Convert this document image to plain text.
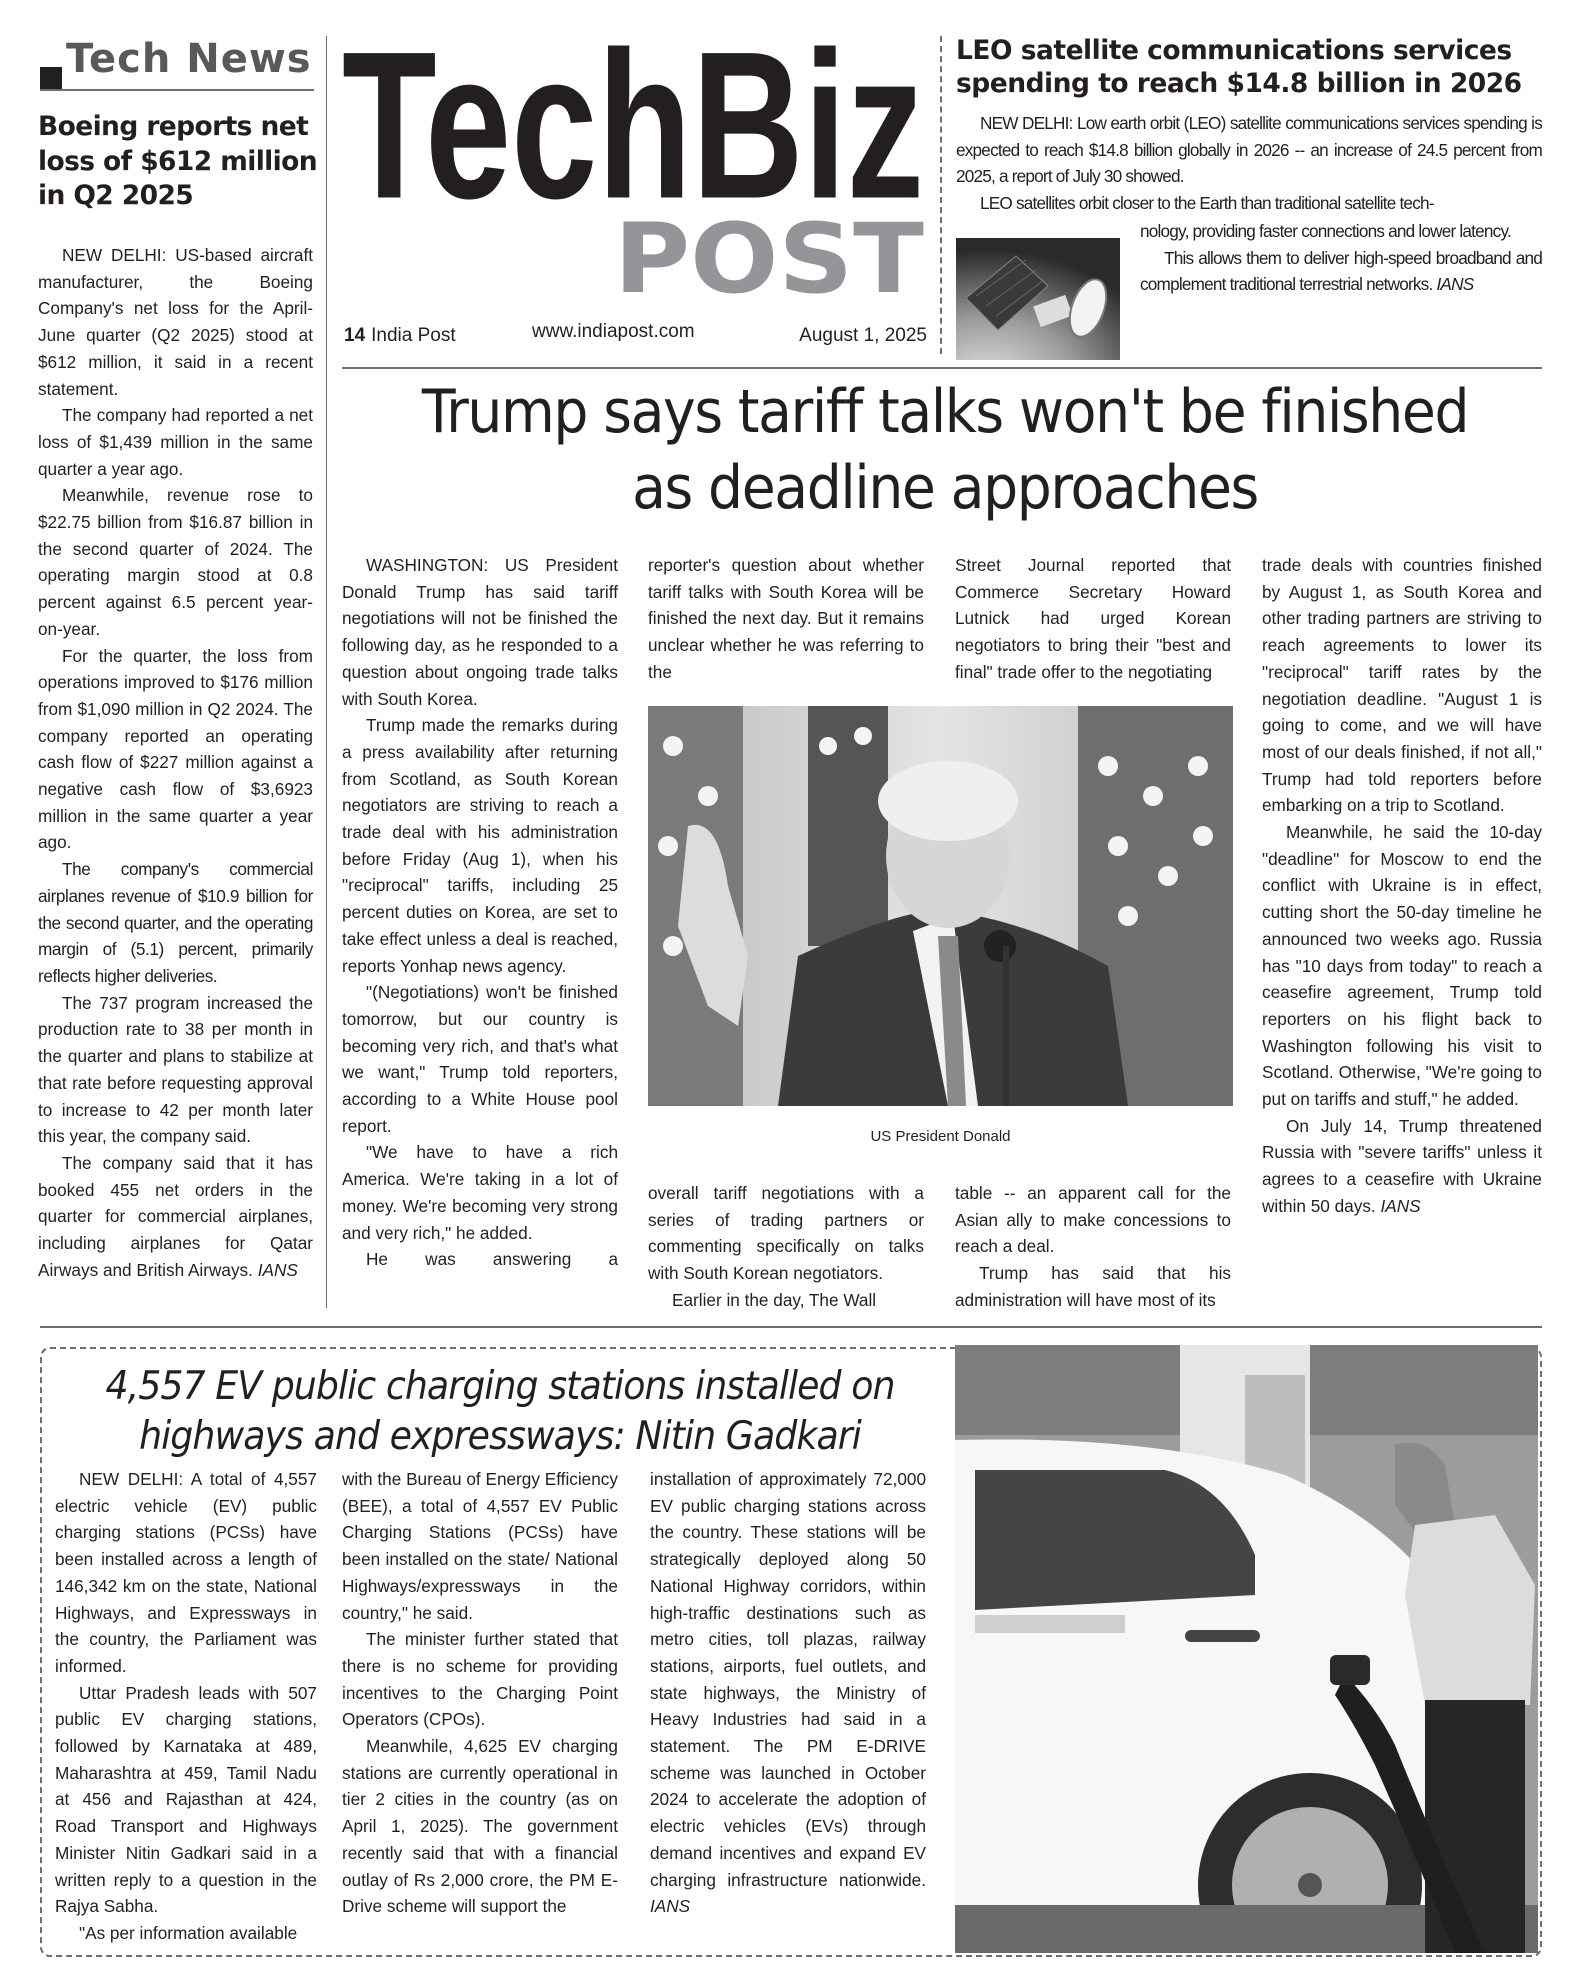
Tech News
Boeing reports net loss of $612 million in Q2 2025

NEW DELHI: US-based aircraft manufacturer, the Boeing Company's net loss for the April-June quarter (Q2 2025) stood at $612 million, it said in a recent statement.

The company had reported a net loss of $1,439 million in the same quarter a year ago.

Meanwhile, revenue rose to $22.75 billion from $16.87 billion in the second quarter of 2024. The operating margin stood at 0.8 percent against 6.5 percent year-on-year.

For the quarter, the loss from operations improved to $176 million from $1,090 million in Q2 2024. The company reported an operating cash flow of $227 million against a negative cash flow of $3,6923 million in the same quarter a year ago.

The company's commercial airplanes revenue of $10.9 billion for the second quarter, and the operating margin of (5.1) percent, primarily reflects higher deliveries.

The 737 program increased the production rate to 38 per month in the quarter and plans to stabilize at that rate before requesting approval to increase to 42 per month later this year, the company said.

The company said that it has booked 455 net orders in the quarter for commercial airplanes, including airplanes for Qatar Airways and British Airways. IANS

TechBiz
POST
14 India Post	www.indiapost.com	August 1, 2025
LEO satellite communications services spending to reach $14.8 billion in 2026

NEW DELHI: Low earth orbit (LEO) satellite communications services spending is expected to reach $14.8 billion globally in 2026 -- an increase of 24.5 percent from 2025, a report of July 30 showed.

LEO satellites orbit closer to the Earth than traditional satellite tech-

nology, providing faster connections and lower latency.

This allows them to deliver high-speed broadband and complement traditional terrestrial networks. IANS

Trump says tariff talks won't be finished
as deadline approaches

WASHINGTON: US President Donald Trump has said tariff negotiations will not be finished the following day, as he responded to a question about ongoing trade talks with South Korea.

Trump made the remarks during a press availability after returning from Scotland, as South Korean negotiators are striving to reach a trade deal with his administration before Friday (Aug 1), when his "reciprocal" tariffs, including 25 percent duties on Korea, are set to take effect unless a deal is reached, reports Yonhap news agency.

"(Negotiations) won't be finished tomorrow, but our country is becoming very rich, and that's what we want," Trump told reporters, according to a White House pool report.

"We have to have a rich America. We're taking in a lot of money. We're becoming very strong and very rich," he added.

He was answering a

reporter's question about whether tariff talks with South Korea will be finished the next day. But it remains unclear whether he was referring to the

Street Journal reported that Commerce Secretary Howard Lutnick had urged Korean negotiators to bring their "best and final" trade offer to the negotiating

US President Donald

overall tariff negotiations with a series of trading partners or commenting specifically on talks with South Korean negotiators.

Earlier in the day, The Wall

table -- an apparent call for the Asian ally to make concessions to reach a deal.

Trump has said that his administration will have most of its

trade deals with countries finished by August 1, as South Korea and other trading partners are striving to reach agreements to lower its "reciprocal" tariff rates by the negotiation deadline. "August 1 is going to come, and we will have most of our deals finished, if not all," Trump had told reporters before embarking on a trip to Scotland.

Meanwhile, he said the 10-day "deadline" for Moscow to end the conflict with Ukraine is in effect, cutting short the 50-day timeline he announced two weeks ago. Russia has "10 days from today" to reach a ceasefire agreement, Trump told reporters on his flight back to Washington following his visit to Scotland. Otherwise, "We're going to put on tariffs and stuff," he added.

On July 14, Trump threatened Russia with "severe tariffs" unless it agrees to a ceasefire with Ukraine within 50 days. IANS

4,557 EV public charging stations installed on
highways and expressways: Nitin Gadkari

NEW DELHI: A total of 4,557 electric vehicle (EV) public charging stations (PCSs) have been installed across a length of 146,342 km on the state, National Highways, and Expressways in the country, the Parliament was informed.

Uttar Pradesh leads with 507 public EV charging stations, followed by Karnataka at 489, Maharashtra at 459, Tamil Nadu at 456 and Rajasthan at 424, Road Transport and Highways Minister Nitin Gadkari said in a written reply to a question in the Rajya Sabha.

"As per information available

with the Bureau of Energy Efficiency (BEE), a total of 4,557 EV Public Charging Stations (PCSs) have been installed on the state/ National Highways/expressways in the country," he said.

The minister further stated that there is no scheme for providing incentives to the Charging Point Operators (CPOs).

Meanwhile, 4,625 EV charging stations are currently operational in tier 2 cities in the country (as on April 1, 2025). The government recently said that with a financial outlay of Rs 2,000 crore, the PM E-Drive scheme will support the

installation of approximately 72,000 EV public charging stations across the country. These stations will be strategically deployed along 50 National Highway corridors, within high-traffic destinations such as metro cities, toll plazas, railway stations, airports, fuel outlets, and state highways, the Ministry of Heavy Industries had said in a statement. The PM E-DRIVE scheme was launched in October 2024 to accelerate the adoption of electric vehicles (EVs) through demand incentives and expand EV charging infrastructure nationwide. IANS
